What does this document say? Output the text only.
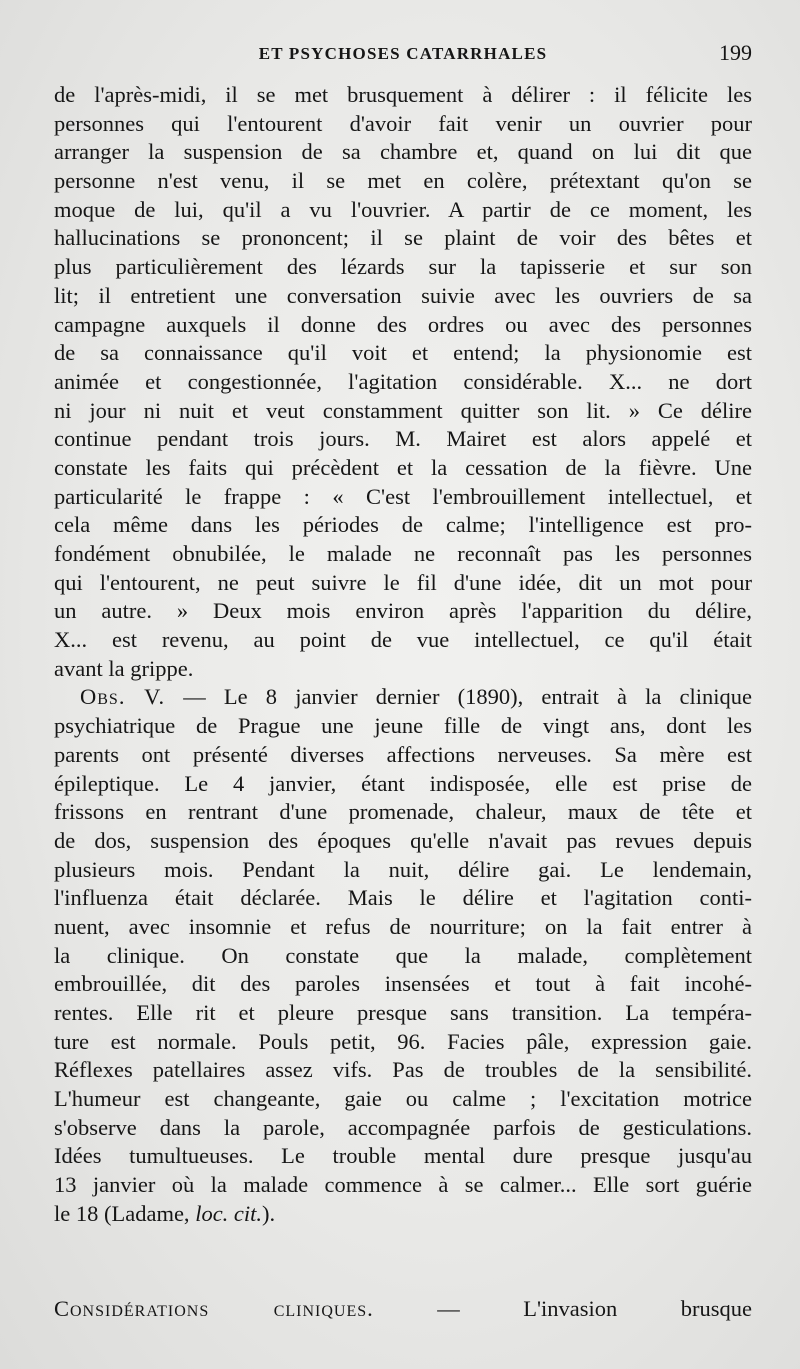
ET PSYCHOSES CATARRHALES	199
de l'après-midi, il se met brusquement à délirer : il félicite les
personnes qui l'entourent d'avoir fait venir un ouvrier pour
arranger la suspension de sa chambre et, quand on lui dit que
personne n'est venu, il se met en colère, prétextant qu'on se
moque de lui, qu'il a vu l'ouvrier. A partir de ce moment, les
hallucinations se prononcent; il se plaint de voir des bêtes et
plus particulièrement des lézards sur la tapisserie et sur son
lit; il entretient une conversation suivie avec les ouvriers de sa
campagne auxquels il donne des ordres ou avec des personnes
de sa connaissance qu'il voit et entend; la physionomie est
animée et congestionnée, l'agitation considérable. X... ne dort
ni jour ni nuit et veut constamment quitter son lit. » Ce délire
continue pendant trois jours. M. Mairet est alors appelé et
constate les faits qui précèdent et la cessation de la fièvre. Une
particularité le frappe : « C'est l'embrouillement intellectuel, et
cela même dans les périodes de calme; l'intelligence est pro-
fondément obnubilée, le malade ne reconnaît pas les personnes
qui l'entourent, ne peut suivre le fil d'une idée, dit un mot pour
un autre. » Deux mois environ après l'apparition du délire,
X... est revenu, au point de vue intellectuel, ce qu'il était
avant la grippe.
Obs. V. — Le 8 janvier dernier (1890), entrait à la clinique
psychiatrique de Prague une jeune fille de vingt ans, dont les
parents ont présenté diverses affections nerveuses. Sa mère est
épileptique. Le 4 janvier, étant indisposée, elle est prise de
frissons en rentrant d'une promenade, chaleur, maux de tête et
de dos, suspension des époques qu'elle n'avait pas revues depuis
plusieurs mois. Pendant la nuit, délire gai. Le lendemain,
l'influenza était déclarée. Mais le délire et l'agitation conti-
nuent, avec insomnie et refus de nourriture; on la fait entrer à
la clinique. On constate que la malade, complètement
embrouillée, dit des paroles insensées et tout à fait incohé-
rentes. Elle rit et pleure presque sans transition. La tempéra-
ture est normale. Pouls petit, 96. Facies pâle, expression gaie.
Réflexes patellaires assez vifs. Pas de troubles de la sensibilité.
L'humeur est changeante, gaie ou calme ; l'excitation motrice
s'observe dans la parole, accompagnée parfois de gesticulations.
Idées tumultueuses. Le trouble mental dure presque jusqu'au
13 janvier où la malade commence à se calmer... Elle sort guérie
le 18 (Ladame, loc. cit.).
Considérations cliniques. — L'invasion brusque
